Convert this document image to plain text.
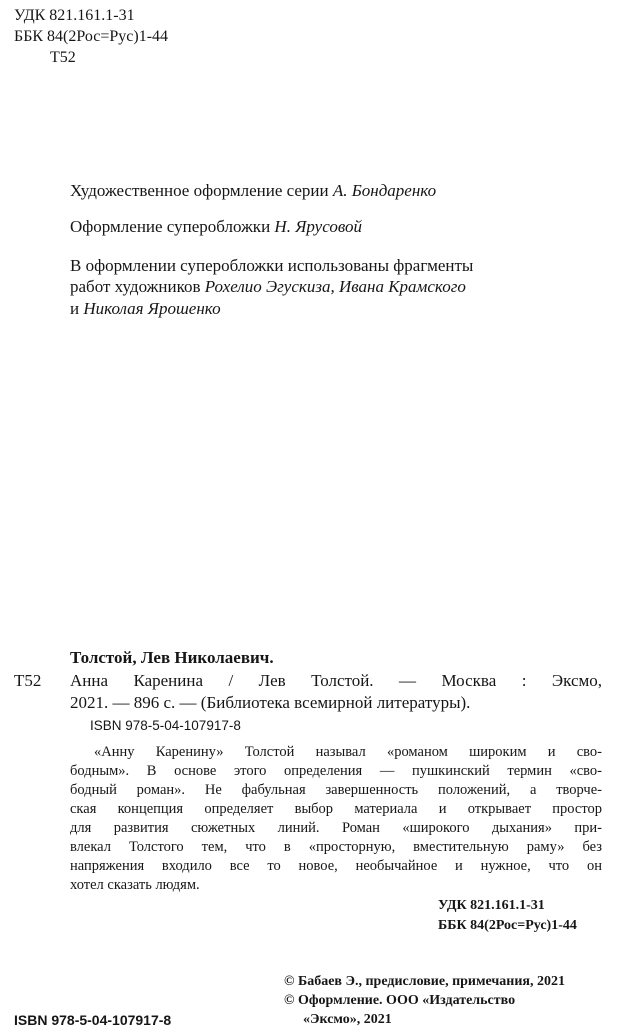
УДК 821.161.1-31
ББК 84(2Рос=Рус)1-44
Т52
Художественное оформление серии А. Бондаренко
Оформление суперобложки Н. Ярусовой
В оформлении суперобложки использованы фрагменты
работ художников Рохелио Эгускиза, Ивана Крамского
и Николая Ярошенко
Толстой, Лев Николаевич.
Т52 Анна Каренина / Лев Толстой. — Москва : Эксмо,
2021. — 896 с. — (Библиотека всемирной литературы).
ISBN 978-5-04-107917-8
«Анну Каренину» Толстой называл «романом широким и сво-
бодным». В основе этого определения — пушкинский термин «сво-
бодный роман». Не фабульная завершенность положений, а творче-
ская концепция определяет выбор материала и открывает простор
для развития сюжетных линий. Роман «широкого дыхания» при-
влекал Толстого тем, что в «просторную, вместительную раму» без
напряжения входило все то новое, необычайное и нужное, что он
хотел сказать людям.
УДК 821.161.1-31
ББК 84(2Рос=Рус)1-44
© Бабаев Э., предисловие, примечания, 2021
© Оформление. ООО «Издательство
«Эксмо», 2021
ISBN 978-5-04-107917-8
